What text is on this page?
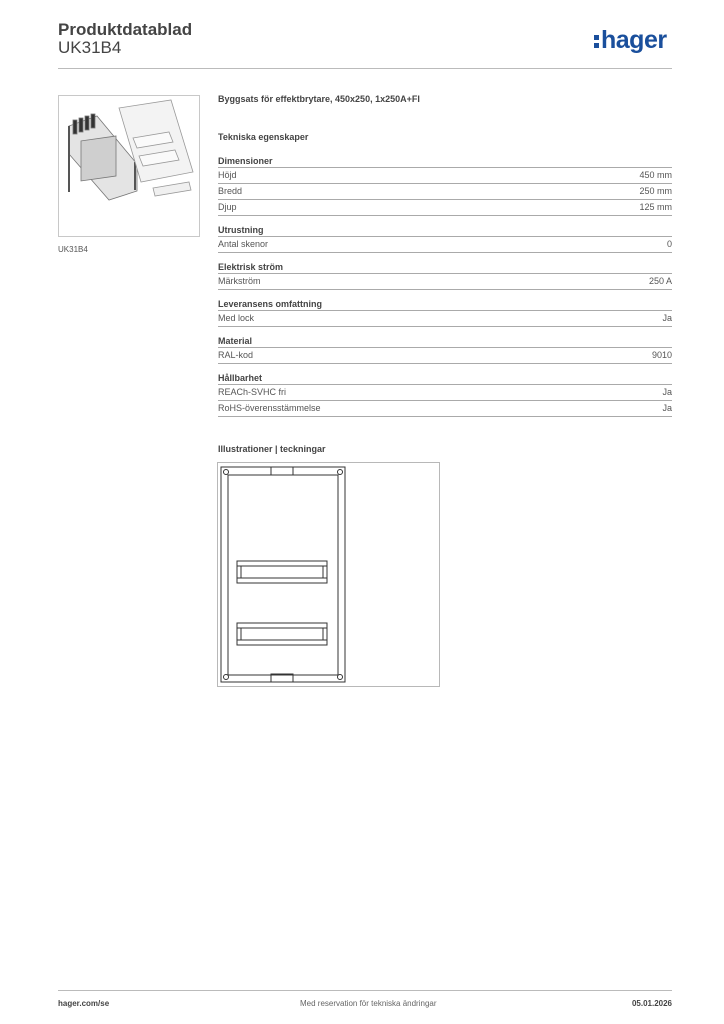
Produktdatablad
UK31B4	hager
UK31B4
Byggsats för effektbrytare, 450x250, 1x250A+FI
Tekniska egenskaper
Dimensioner
Höjd	450 mm
Bredd	250 mm
Djup	125 mm
Utrustning
Antal skenor	0
Elektrisk ström
Märkström	250 A
Leveransens omfattning
Med lock	Ja
Material
RAL-kod	9010
Hållbarhet
REACh-SVHC fri	Ja
RoHS-överensstämmelse	Ja
Illustrationer | teckningar
hager.com/se	Med reservation för tekniska ändringar	05.01.2026
